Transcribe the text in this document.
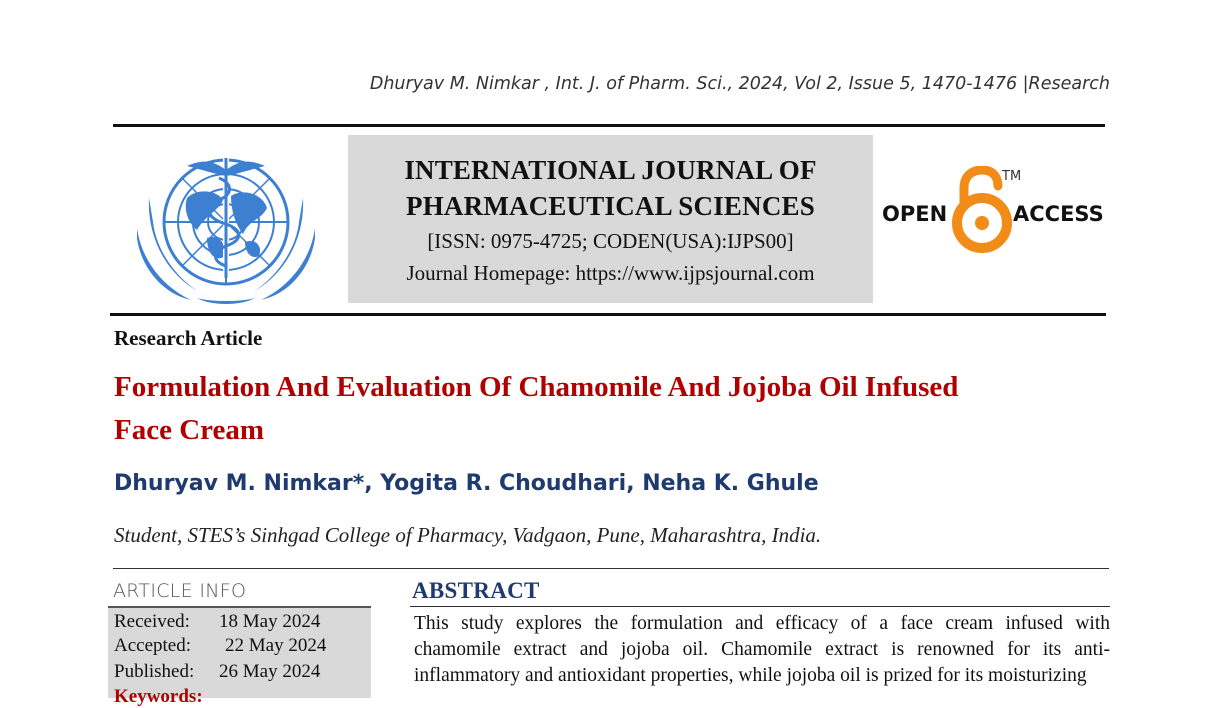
Dhuryav M. Nimkar , Int. J. of Pharm. Sci., 2024, Vol 2, Issue 5, 1470-1476 |Research
INTERNATIONAL JOURNAL OF
PHARMACEUTICAL SCIENCES
[ISSN: 0975-4725; CODEN(USA):IJPS00]
Journal Homepage: https://www.ijpsjournal.com
OPEN
TM
ACCESS
Research Article
Formulation And Evaluation Of Chamomile And Jojoba Oil Infused
Face Cream
Dhuryav M. Nimkar*, Yogita R. Choudhari, Neha K. Ghule
Student, STES’s Sinhgad College of Pharmacy, Vadgaon, Pune, Maharashtra, India.
ARTICLE INFO
Received: 18 May 2024
Accepted: 22 May 2024
Published: 26 May 2024
Keywords:
ABSTRACT
This study explores the formulation and efficacy of a face cream infused with chamomile extract and jojoba oil. Chamomile extract is renowned for its anti-inflammatory and antioxidant properties, while jojoba oil is prized for its moisturizing
